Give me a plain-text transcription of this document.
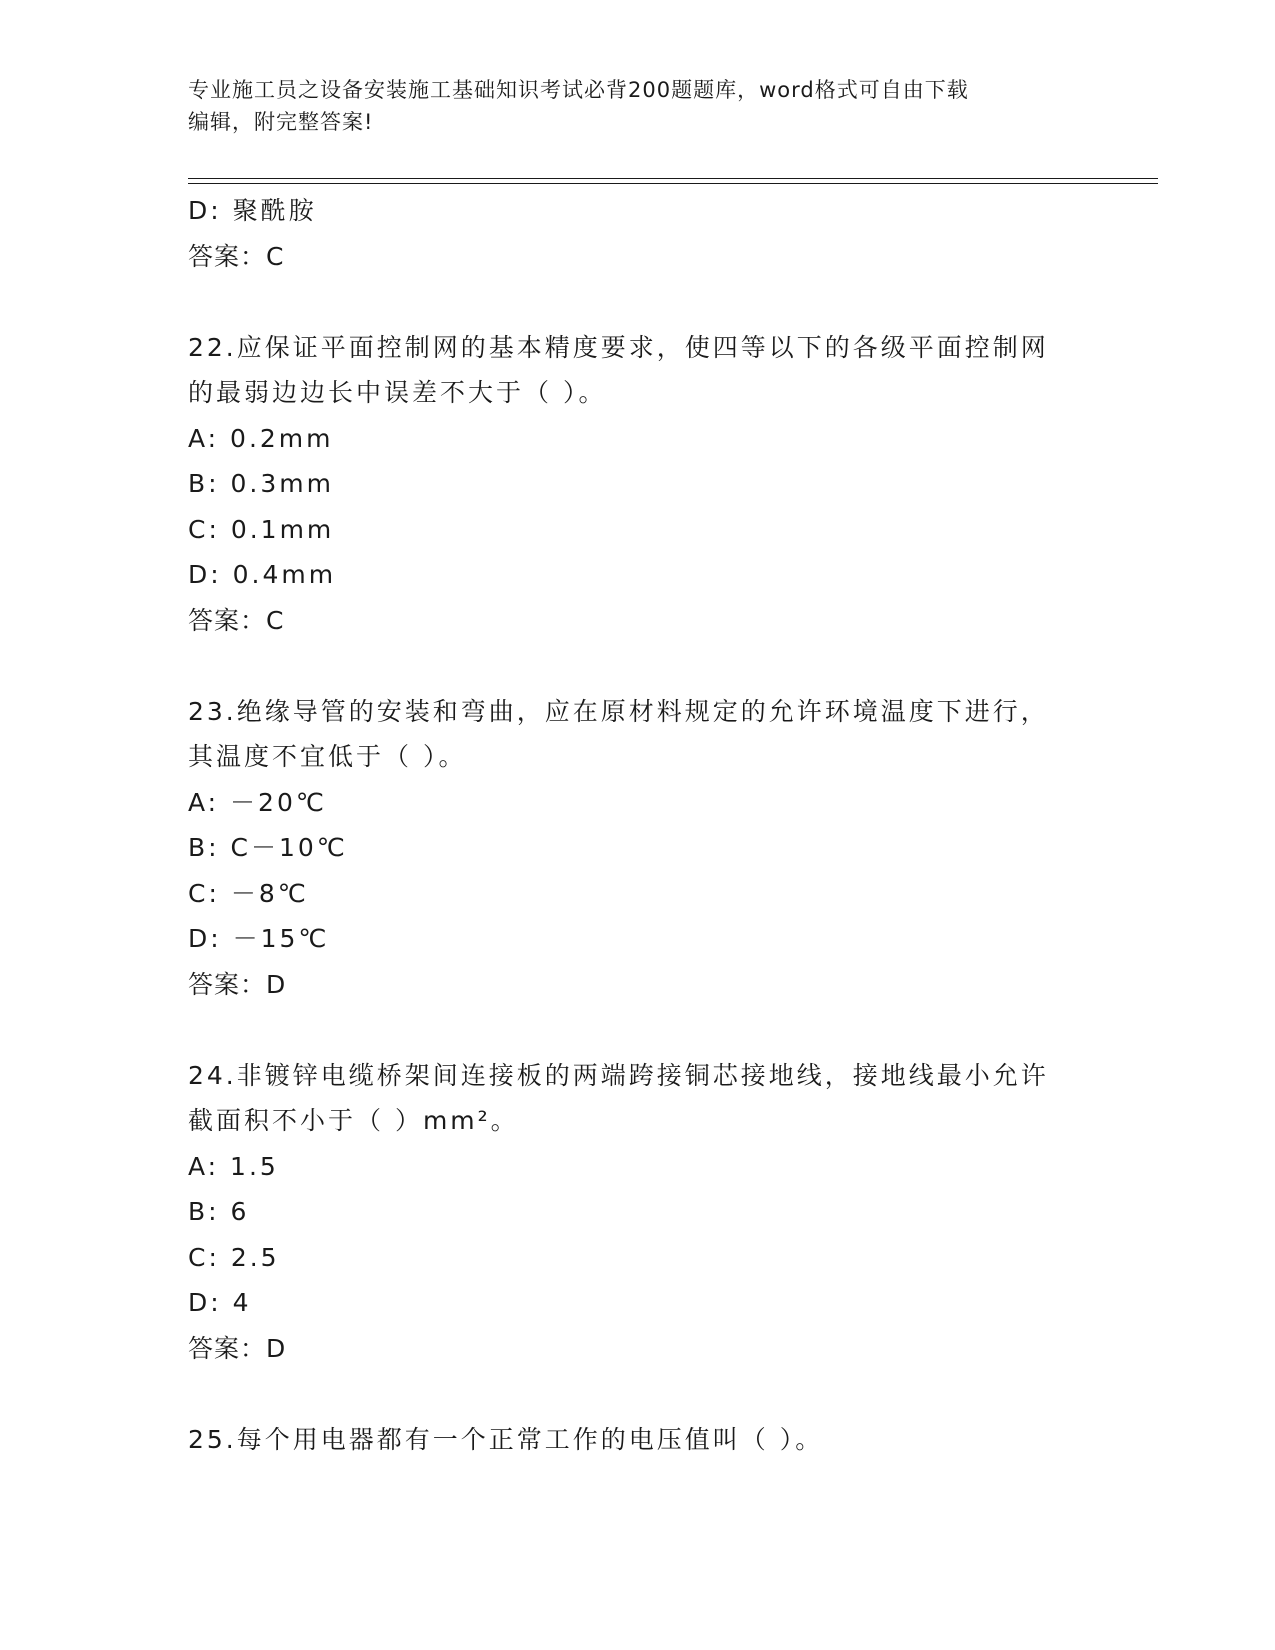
专业施工员之设备安装施工基础知识考试必背200题题库，word格式可自由下载
编辑，附完整答案!
D: 聚酰胺
答案：C
22.应保证平面控制网的基本精度要求，使四等以下的各级平面控制网
的最弱边边长中误差不大于（ ）。
A: 0.2mm
B: 0.3mm
C: 0.1mm
D: 0.4mm
答案：C
23.绝缘导管的安装和弯曲，应在原材料规定的允许环境温度下进行，
其温度不宜低于（ ）。
A: －20℃
B: C－10℃
C: －8℃
D: －15℃
答案：D
24.非镀锌电缆桥架间连接板的两端跨接铜芯接地线，接地线最小允许
截面积不小于（ ）mm²。
A: 1.5
B: 6
C: 2.5
D: 4
答案：D
25.每个用电器都有一个正常工作的电压值叫（ ）。
